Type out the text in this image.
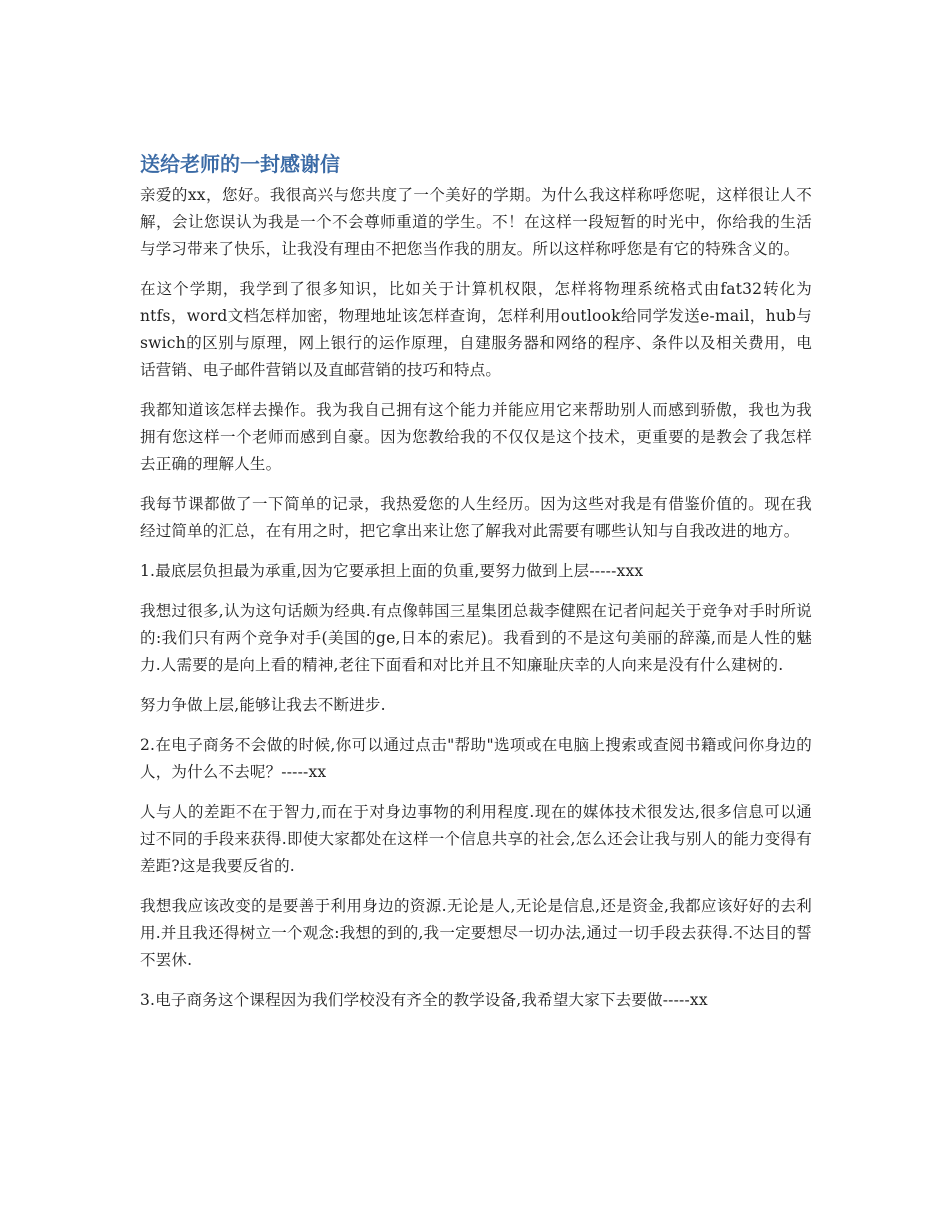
送给老师的一封感谢信

亲爱的xx，您好。我很高兴与您共度了一个美好的学期。为什么我这样称呼您呢，这样很让人不解，会让您误认为我是一个不会尊师重道的学生。不！在这样一段短暂的时光中，你给我的生活与学习带来了快乐，让我没有理由不把您当作我的朋友。所以这样称呼您是有它的特殊含义的。

在这个学期，我学到了很多知识，比如关于计算机权限，怎样将物理系统格式由fat32转化为ntfs，word文档怎样加密，物理地址该怎样查询，怎样利用outlook给同学发送e-mail，hub与swich的区别与原理，网上银行的运作原理，自建服务器和网络的程序、条件以及相关费用，电话营销、电子邮件营销以及直邮营销的技巧和特点。

我都知道该怎样去操作。我为我自己拥有这个能力并能应用它来帮助别人而感到骄傲，我也为我拥有您这样一个老师而感到自豪。因为您教给我的不仅仅是这个技术，更重要的是教会了我怎样去正确的理解人生。

我每节课都做了一下简单的记录，我热爱您的人生经历。因为这些对我是有借鉴价值的。现在我经过简单的汇总，在有用之时，把它拿出来让您了解我对此需要有哪些认知与自我改进的地方。

1.最底层负担最为承重,因为它要承担上面的负重,要努力做到上层-----xxx

我想过很多,认为这句话颇为经典.有点像韩国三星集团总裁李健熙在记者问起关于竞争对手时所说的:我们只有两个竞争对手(美国的ge,日本的索尼)。我看到的不是这句美丽的辞藻,而是人性的魅力.人需要的是向上看的精神,老往下面看和对比并且不知廉耻庆幸的人向来是没有什么建树的.

努力争做上层,能够让我去不断进步.

2.在电子商务不会做的时候,你可以通过点击"帮助"选项或在电脑上搜索或查阅书籍或问你身边的人，为什么不去呢？-----xx

人与人的差距不在于智力,而在于对身边事物的利用程度.现在的媒体技术很发达,很多信息可以通过不同的手段来获得.即使大家都处在这样一个信息共享的社会,怎么还会让我与别人的能力变得有差距?这是我要反省的.

我想我应该改变的是要善于利用身边的资源.无论是人,无论是信息,还是资金,我都应该好好的去利用.并且我还得树立一个观念:我想的到的,我一定要想尽一切办法,通过一切手段去获得.不达目的誓不罢休.

3.电子商务这个课程因为我们学校没有齐全的教学设备,我希望大家下去要做-----xx
